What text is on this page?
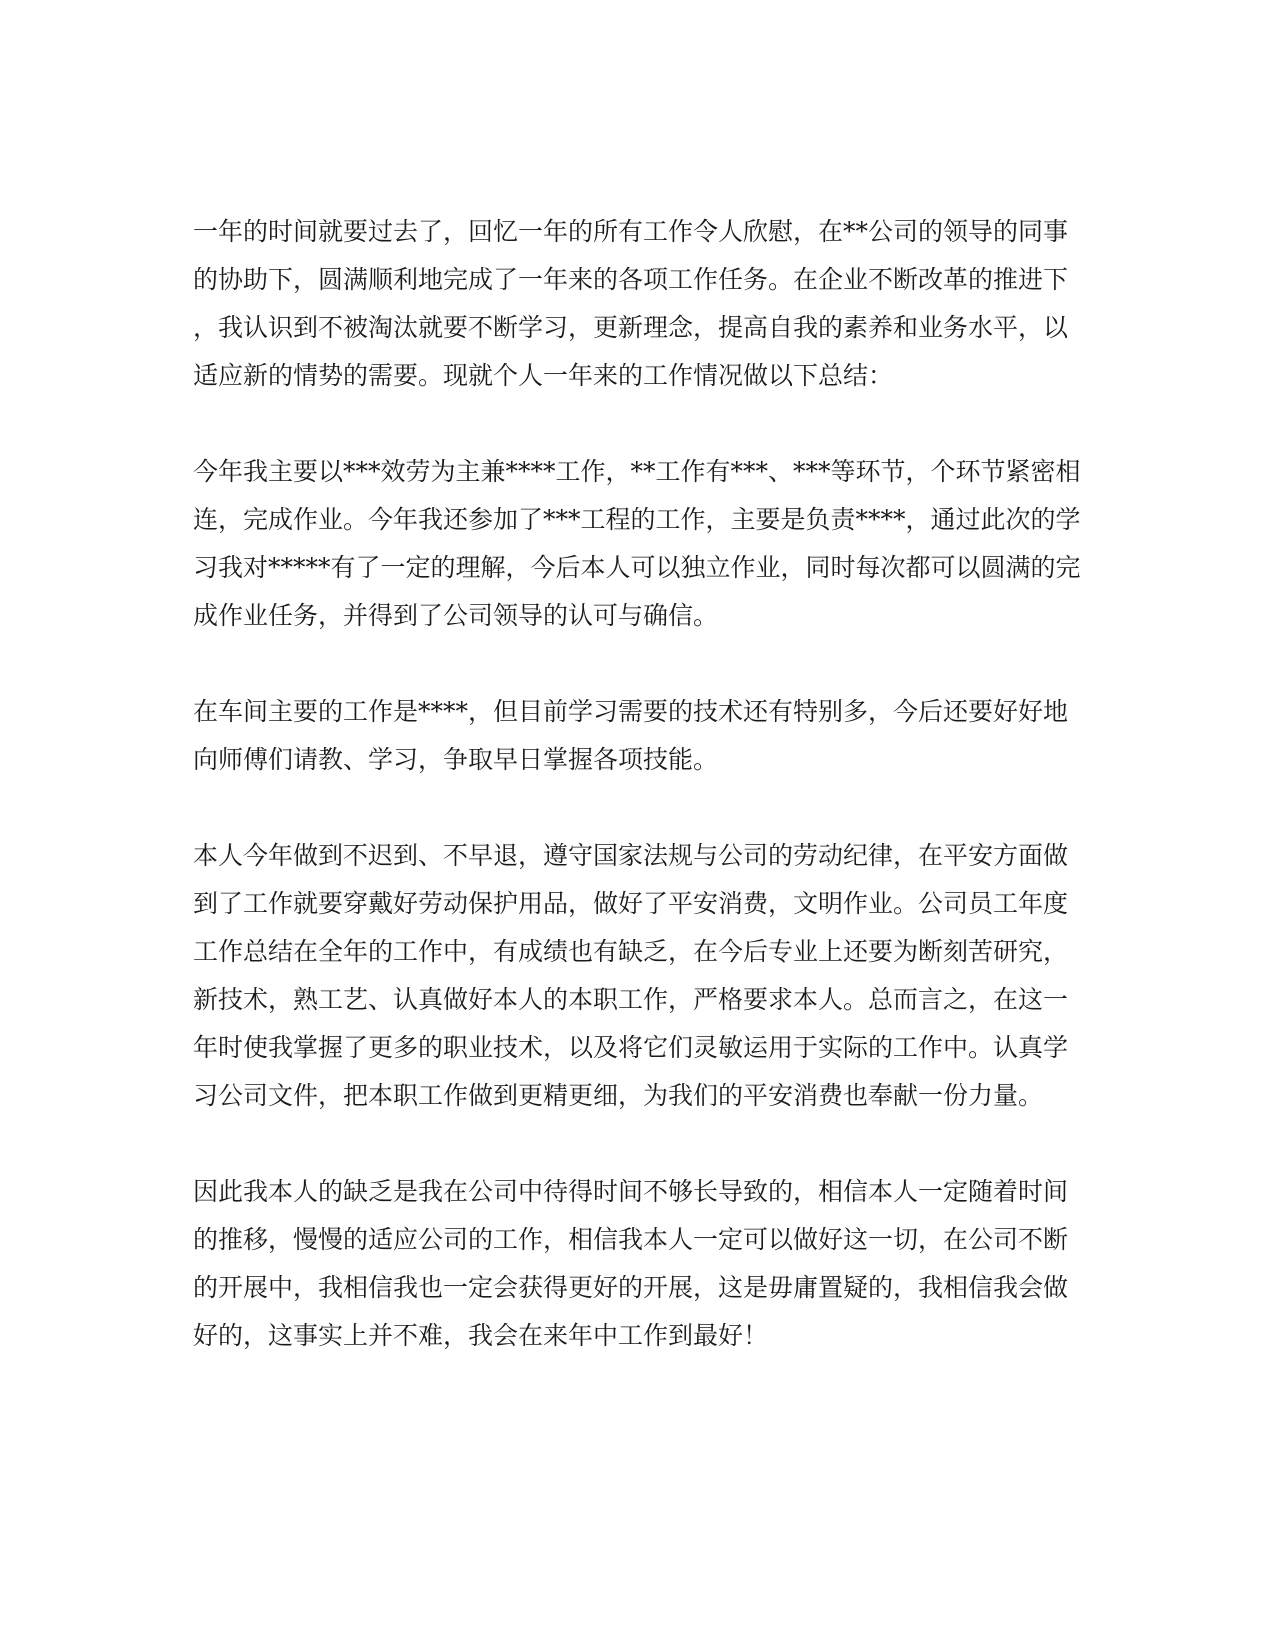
一年的时间就要过去了，回忆一年的所有工作令人欣慰，在**公司的领导的同事
的协助下，圆满顺利地完成了一年来的各项工作任务。在企业不断改革的推进下
，我认识到不被淘汰就要不断学习，更新理念，提高自我的素养和业务水平，以
适应新的情势的需要。现就个人一年来的工作情况做以下总结：

今年我主要以***效劳为主兼****工作，**工作有***、***等环节，个环节紧密相
连，完成作业。今年我还参加了***工程的工作，主要是负责****，通过此次的学
习我对*****有了一定的理解，今后本人可以独立作业，同时每次都可以圆满的完
成作业任务，并得到了公司领导的认可与确信。

在车间主要的工作是****，但目前学习需要的技术还有特别多，今后还要好好地
向师傅们请教、学习，争取早日掌握各项技能。

本人今年做到不迟到、不早退，遵守国家法规与公司的劳动纪律，在平安方面做
到了工作就要穿戴好劳动保护用品，做好了平安消费，文明作业。公司员工年度
工作总结在全年的工作中，有成绩也有缺乏，在今后专业上还要为断刻苦研究，
新技术，熟工艺、认真做好本人的本职工作，严格要求本人。总而言之，在这一
年时使我掌握了更多的职业技术，以及将它们灵敏运用于实际的工作中。认真学
习公司文件，把本职工作做到更精更细，为我们的平安消费也奉献一份力量。

因此我本人的缺乏是我在公司中待得时间不够长导致的，相信本人一定随着时间
的推移，慢慢的适应公司的工作，相信我本人一定可以做好这一切，在公司不断
的开展中，我相信我也一定会获得更好的开展，这是毋庸置疑的，我相信我会做
好的，这事实上并不难，我会在来年中工作到最好！
